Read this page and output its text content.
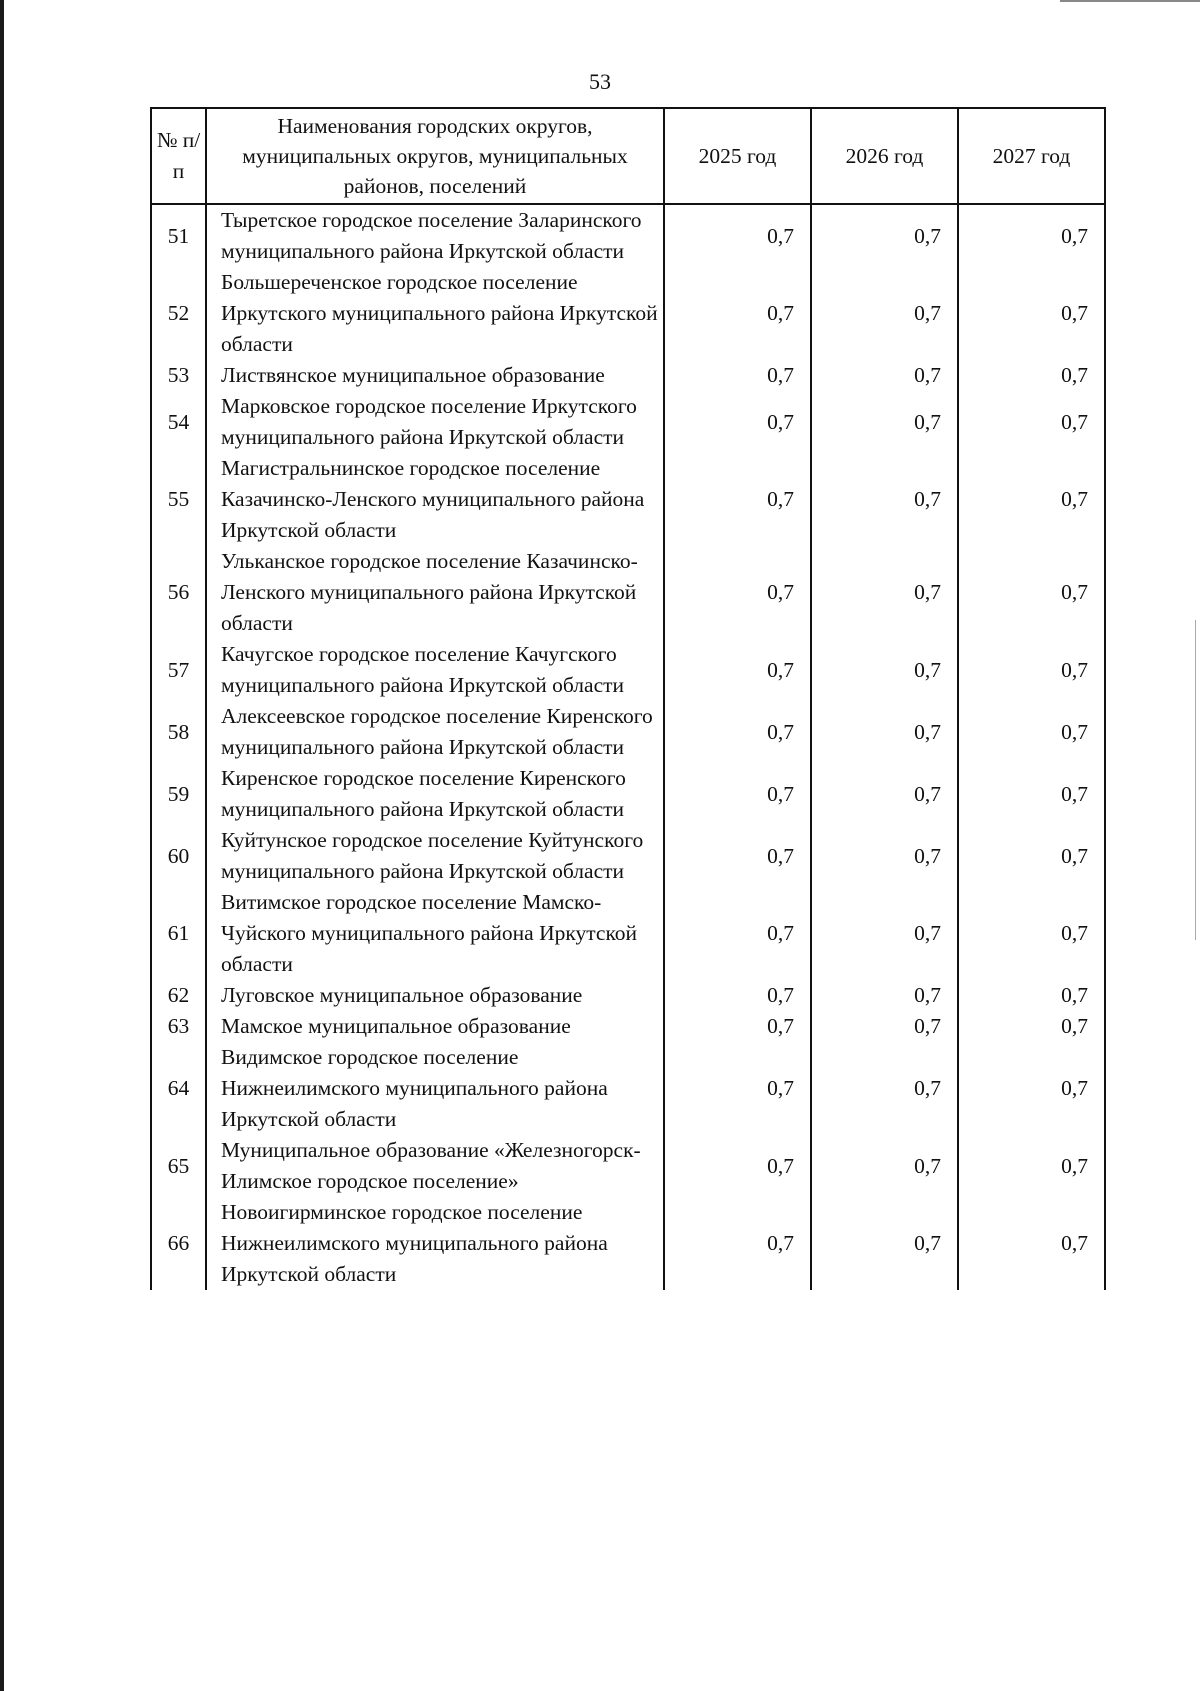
53
№ п/п	Наименования городских округов, муниципальных округов, муниципальных районов, поселений	2025 год	2026 год	2027 год
51	Тыретское городское поселение Заларинского муниципального района Иркутской области	0,7	0,7	0,7
52	Большереченское городское поселение Иркутского муниципального района Иркутской области	0,7	0,7	0,7
53	Листвянское муниципальное образование	0,7	0,7	0,7
54	Марковское городское поселение Иркутского муниципального района Иркутской области	0,7	0,7	0,7
55	Магистральнинское городское поселение Казачинско-Ленского муниципального района Иркутской области	0,7	0,7	0,7
56	Ульканское городское поселение Казачинско-Ленского муниципального района Иркутской области	0,7	0,7	0,7
57	Качугское городское поселение Качугского муниципального района Иркутской области	0,7	0,7	0,7
58	Алексеевское городское поселение Киренского муниципального района Иркутской области	0,7	0,7	0,7
59	Киренское городское поселение Киренского муниципального района Иркутской области	0,7	0,7	0,7
60	Куйтунское городское поселение Куйтунского муниципального района Иркутской области	0,7	0,7	0,7
61	Витимское городское поселение Мамско-Чуйского муниципального района Иркутской области	0,7	0,7	0,7
62	Луговское муниципальное образование	0,7	0,7	0,7
63	Мамское муниципальное образование	0,7	0,7	0,7
64	Видимское городское поселение Нижнеилимского муниципального района Иркутской области	0,7	0,7	0,7
65	Муниципальное образование «Железногорск-Илимское городское поселение»	0,7	0,7	0,7
66	Новоигирминское городское поселение Нижнеилимского муниципального района Иркутской области	0,7	0,7	0,7
